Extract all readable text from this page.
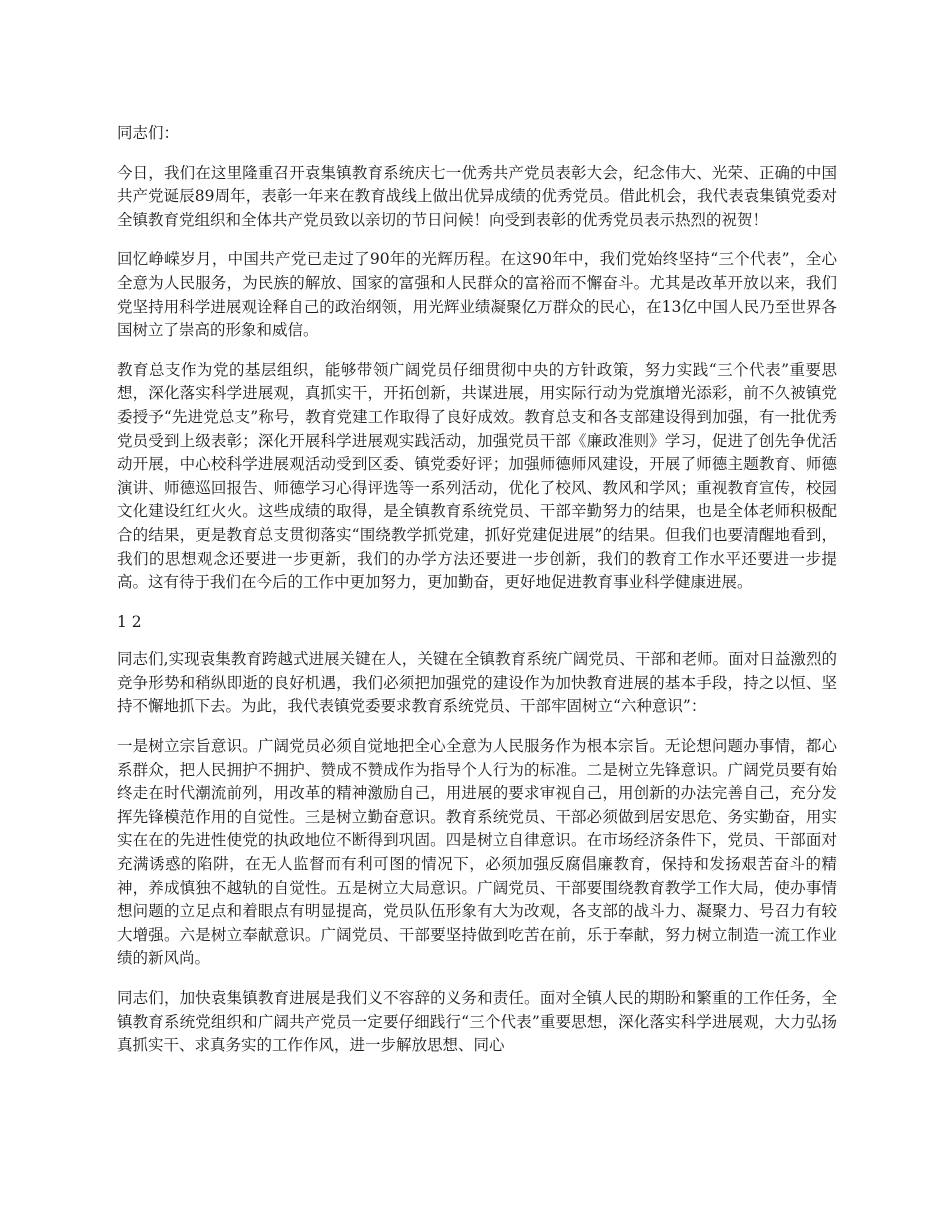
同志们：

今日，我们在这里隆重召开袁集镇教育系统庆七一优秀共产党员表彰大会，纪念伟大、光荣、正确的中国共产党诞辰89周年，表彰一年来在教育战线上做出优异成绩的优秀党员。借此机会，我代表袁集镇党委对全镇教育党组织和全体共产党员致以亲切的节日问候！向受到表彰的优秀党员表示热烈的祝贺！

回忆峥嵘岁月，中国共产党已走过了90年的光辉历程。在这90年中，我们党始终坚持“三个代表”，全心全意为人民服务，为民族的解放、国家的富强和人民群众的富裕而不懈奋斗。尤其是改革开放以来，我们党坚持用科学进展观诠释自己的政治纲领，用光辉业绩凝聚亿万群众的民心，在13亿中国人民乃至世界各国树立了崇高的形象和威信。

教育总支作为党的基层组织，能够带领广阔党员仔细贯彻中央的方针政策，努力实践“三个代表”重要思想，深化落实科学进展观，真抓实干，开拓创新，共谋进展，用实际行动为党旗增光添彩，前不久被镇党委授予“先进党总支”称号，教育党建工作取得了良好成效。教育总支和各支部建设得到加强，有一批优秀党员受到上级表彰；深化开展科学进展观实践活动，加强党员干部《廉政准则》学习，促进了创先争优活动开展，中心校科学进展观活动受到区委、镇党委好评；加强师德师风建设，开展了师德主题教育、师德演讲、师德巡回报告、师德学习心得评选等一系列活动，优化了校风、教风和学风；重视教育宣传，校园文化建设红红火火。这些成绩的取得，是全镇教育系统党员、干部辛勤努力的结果，也是全体老师积极配合的结果，更是教育总支贯彻落实“围绕教学抓党建，抓好党建促进展”的结果。但我们也要清醒地看到，我们的思想观念还要进一步更新，我们的办学方法还要进一步创新，我们的教育工作水平还要进一步提高。这有待于我们在今后的工作中更加努力，更加勤奋，更好地促进教育事业科学健康进展。

1 2

同志们,实现袁集教育跨越式进展关键在人，关键在全镇教育系统广阔党员、干部和老师。面对日益激烈的竞争形势和稍纵即逝的良好机遇，我们必须把加强党的建设作为加快教育进展的基本手段，持之以恒、坚持不懈地抓下去。为此，我代表镇党委要求教育系统党员、干部牢固树立“六种意识”：

一是树立宗旨意识。广阔党员必须自觉地把全心全意为人民服务作为根本宗旨。无论想问题办事情，都心系群众，把人民拥护不拥护、赞成不赞成作为指导个人行为的标准。二是树立先锋意识。广阔党员要有始终走在时代潮流前列，用改革的精神激励自己，用进展的要求审视自己，用创新的办法完善自己，充分发挥先锋模范作用的自觉性。三是树立勤奋意识。教育系统党员、干部必须做到居安思危、务实勤奋，用实实在在的先进性使党的执政地位不断得到巩固。四是树立自律意识。在市场经济条件下，党员、干部面对充满诱惑的陷阱，在无人监督而有利可图的情况下，必须加强反腐倡廉教育，保持和发扬艰苦奋斗的精神，养成慎独不越轨的自觉性。五是树立大局意识。广阔党员、干部要围绕教育教学工作大局，使办事情想问题的立足点和着眼点有明显提高，党员队伍形象有大为改观，各支部的战斗力、凝聚力、号召力有较大增强。六是树立奉献意识。广阔党员、干部要坚持做到吃苦在前，乐于奉献，努力树立制造一流工作业绩的新风尚。

同志们，加快袁集镇教育进展是我们义不容辞的义务和责任。面对全镇人民的期盼和繁重的工作任务，全镇教育系统党组织和广阔共产党员一定要仔细践行“三个代表”重要思想，深化落实科学进展观，大力弘扬真抓实干、求真务实的工作作风，进一步解放思想、同心
